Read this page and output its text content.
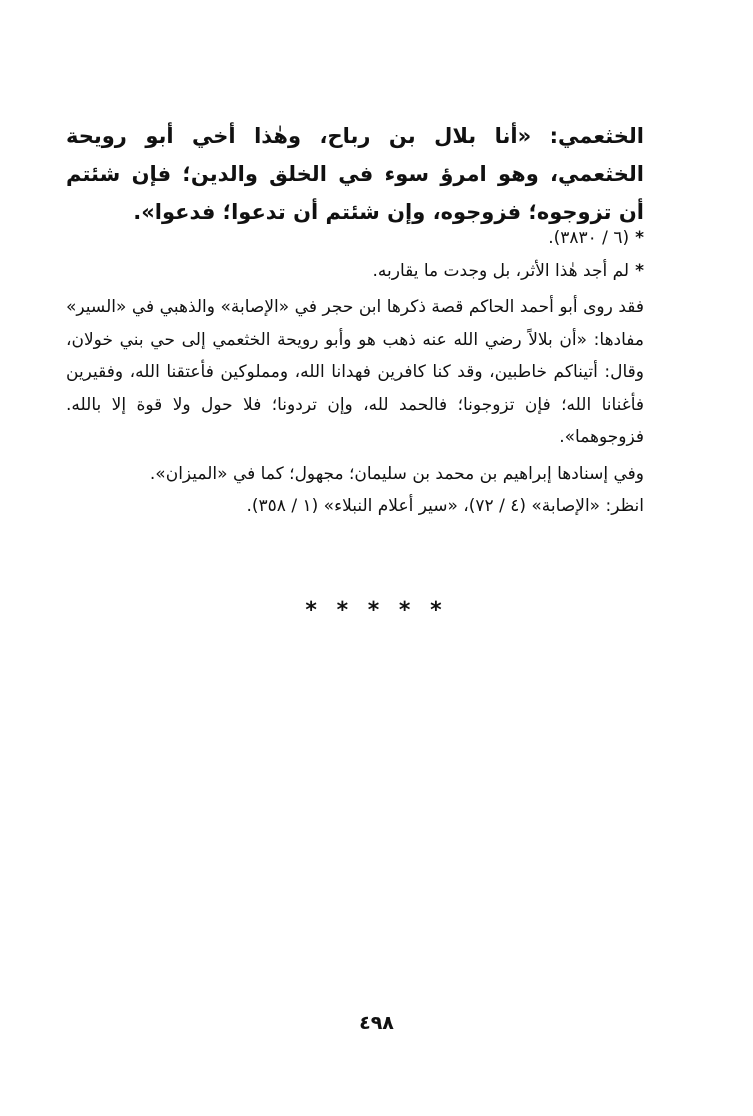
الخثعمي: «أنا بلال بن رباح، وهٰذا أخي أبو رويحة الخثعمي، وهو امرؤ سوء في الخلق والدين؛ فإن شئتم أن تزوجوه؛ فزوجوه، وإن شئتم أن تدعوا؛ فدعوا».

*(٦ / ٣٨٣٠).

*لم أجد هٰذا الأثر، بل وجدت ما يقاربه.

فقد روى أبو أحمد الحاكم قصة ذكرها ابن حجر في «الإصابة» والذهبي في «السير» مفادها: «أن بلالاً رضي الله عنه ذهب هو وأبو رويحة الخثعمي إلى حي بني خولان، وقال: أتيناكم خاطبين، وقد كنا كافرين فهدانا الله، ومملوكين فأعتقنا الله، وفقيرين فأغنانا الله؛ فإن تزوجونا؛ فالحمد لله، وإن تردونا؛ فلا حول ولا قوة إلا بالله. فزوجوهما».

وفي إسنادها إبراهيم بن محمد بن سليمان؛ مجهول؛ كما في «الميزان».

انظر: «الإصابة» (٤ / ٧٢)، «سير أعلام النبلاء» (١ / ٣٥٨).

* * * * *
٤٩٨
